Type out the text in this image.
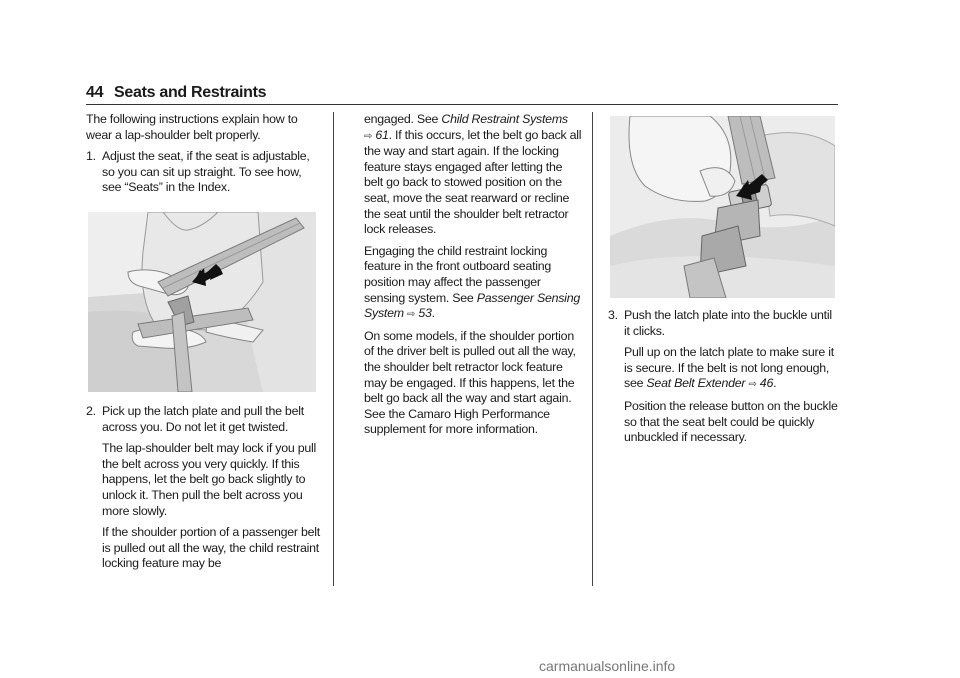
44 Seats and Restraints

The following instructions explain how to wear a lap-shoulder belt properly.

1. Adjust the seat, if the seat is adjustable, so you can sit up straight. To see how, see “Seats” in the Index.
2. Pick up the latch plate and pull the belt across you. Do not let it get twisted.

The lap-shoulder belt may lock if you pull the belt across you very quickly. If this happens, let the belt go back slightly to unlock it. Then pull the belt across you more slowly.

If the shoulder portion of a passenger belt is pulled out all the way, the child restraint locking feature may be

engaged. See Child Restraint Systems
⇨ 61. If this occurs, let the belt go back all the way and start again. If the locking feature stays engaged after letting the belt go back to stowed position on the seat, move the seat rearward or recline the seat until the shoulder belt retractor lock releases.

Engaging the child restraint locking feature in the front outboard seating position may affect the passenger sensing system. See Passenger Sensing System ⇨ 53.

On some models, if the shoulder portion of the driver belt is pulled out all the way, the shoulder belt retractor lock feature may be engaged. If this happens, let the belt go back all the way and start again. See the Camaro High Performance supplement for more information.

3. Push the latch plate into the buckle until it clicks.

Pull up on the latch plate to make sure it is secure. If the belt is not long enough, see Seat Belt Extender ⇨ 46.

Position the release button on the buckle so that the seat belt could be quickly unbuckled if necessary.

carmanualsonline.info
